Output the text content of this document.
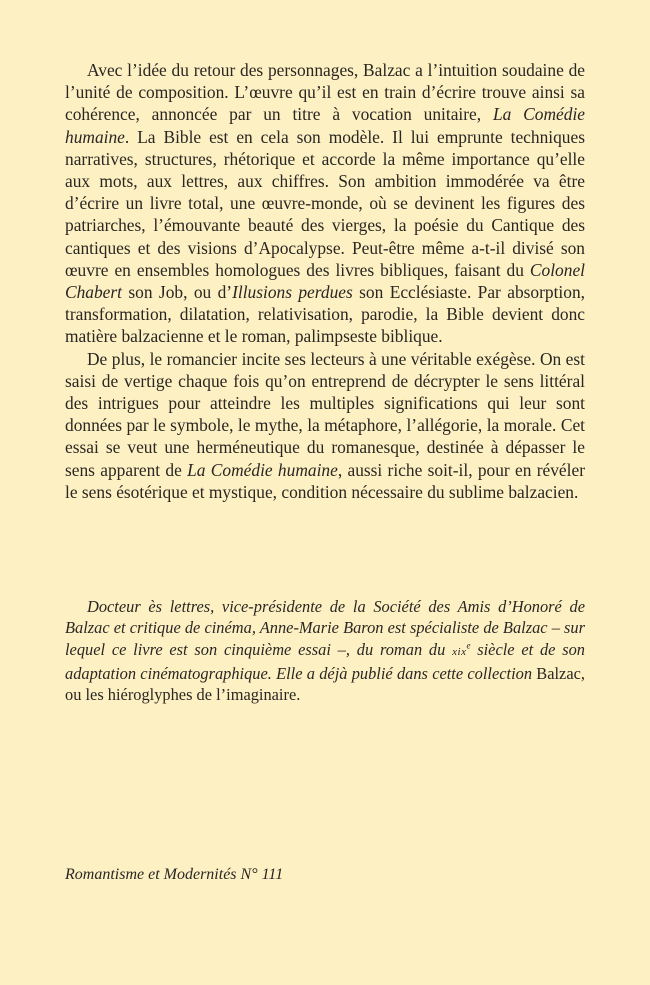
Avec l’idée du retour des personnages, Balzac a l’intuition soudaine de l’unité de composition. L’œuvre qu’il est en train d’écrire trouve ainsi sa cohérence, annoncée par un titre à vocation unitaire, La Comédie humaine. La Bible est en cela son modèle. Il lui emprunte techniques narratives, structures, rhétorique et accorde la même importance qu’elle aux mots, aux lettres, aux chiffres. Son ambition immodérée va être d’écrire un livre total, une œuvre-monde, où se devinent les figures des patriarches, l’émouvante beauté des vierges, la poésie du Cantique des cantiques et des visions d’Apocalypse. Peut-être même a-t-il divisé son œuvre en ensembles homologues des livres bibliques, faisant du Colonel Chabert son Job, ou d’Illusions perdues son Ecclésiaste. Par absorption, transformation, dilatation, relativisation, parodie, la Bible devient donc matière balzacienne et le roman, palimpseste biblique.

De plus, le romancier incite ses lecteurs à une véritable exégèse. On est saisi de vertige chaque fois qu’on entreprend de décrypter le sens littéral des intrigues pour atteindre les multiples significations qui leur sont données par le symbole, le mythe, la métaphore, l’allégorie, la morale. Cet essai se veut une herméneutique du romanesque, destinée à dépasser le sens apparent de La Comédie humaine, aussi riche soit-il, pour en révéler le sens ésotérique et mystique, condition nécessaire du sublime balzacien.

Docteur ès lettres, vice-présidente de la Société des Amis d’Honoré de Balzac et critique de cinéma, Anne-Marie Baron est spécialiste de Balzac – sur lequel ce livre est son cinquième essai –, du roman du xix$^e$ siècle et de son adaptation cinématographique. Elle a déjà publié dans cette collection Balzac, ou les hiéroglyphes de l’imaginaire.

Romantisme et Modernités N° 111
